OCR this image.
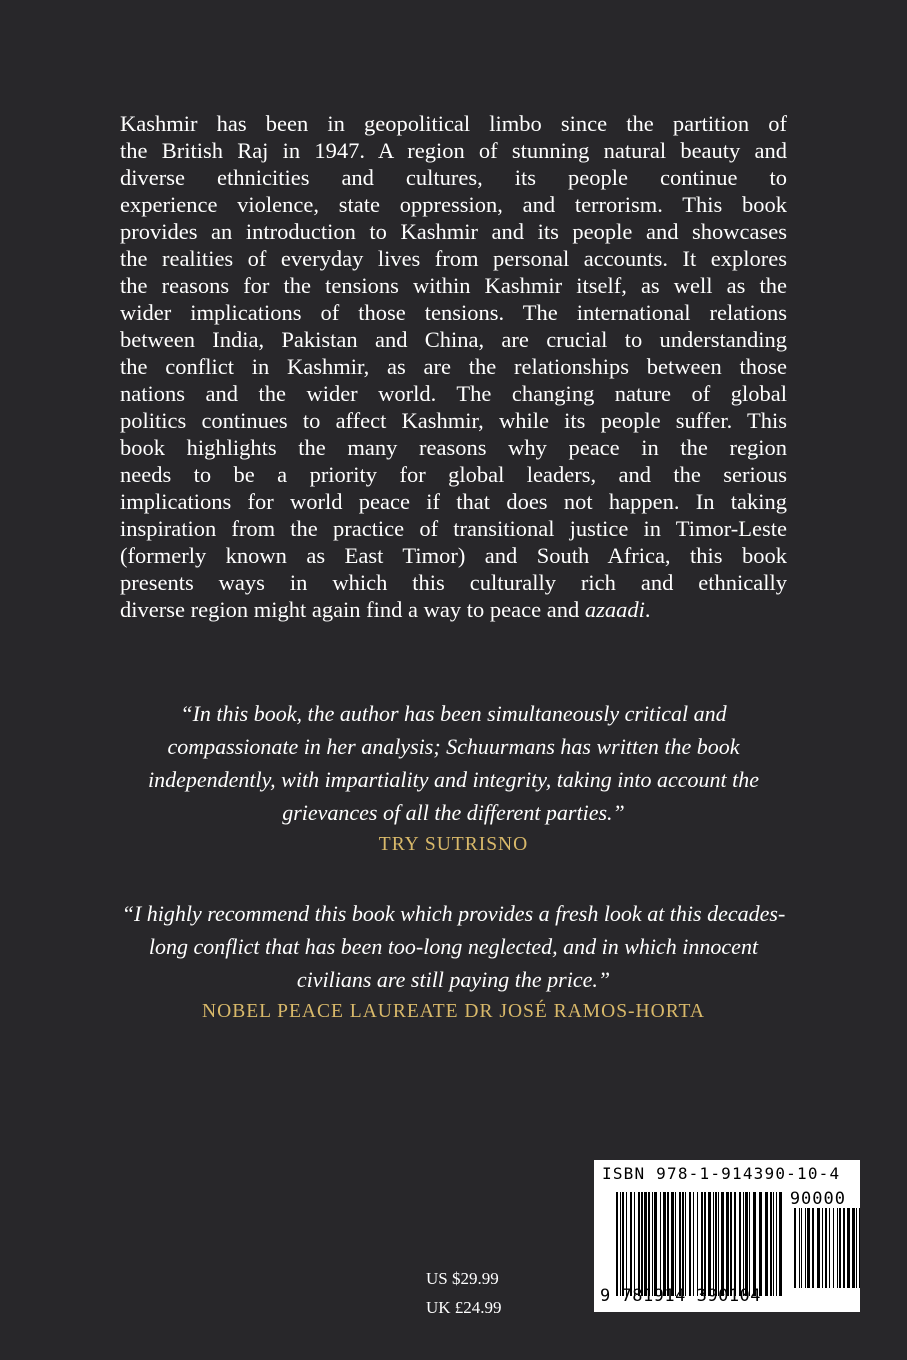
Kashmir has been in geopolitical limbo since the partition of
the British Raj in 1947. A region of stunning natural beauty and
diverse ethnicities and cultures, its people continue to
experience violence, state oppression, and terrorism. This book
provides an introduction to Kashmir and its people and showcases
the realities of everyday lives from personal accounts. It explores
the reasons for the tensions within Kashmir itself, as well as the
wider implications of those tensions. The international relations
between India, Pakistan and China, are crucial to understanding
the conflict in Kashmir, as are the relationships between those
nations and the wider world. The changing nature of global
politics continues to affect Kashmir, while its people suffer. This
book highlights the many reasons why peace in the region
needs to be a priority for global leaders, and the serious
implications for world peace if that does not happen. In taking
inspiration from the practice of transitional justice in Timor-Leste
(formerly known as East Timor) and South Africa, this book
presents ways in which this culturally rich and ethnically
diverse region might again find a way to peace and azaadi.
“In this book, the author has been simultaneously critical and
compassionate in her analysis; Schuurmans has written the book
independently, with impartiality and integrity, taking into account the
grievances of all the different parties.”
TRY SUTRISNO
“I highly recommend this book which provides a fresh look at this decades-
long conflict that has been too-long neglected, and in which innocent
civilians are still paying the price.”
NOBEL PEACE LAUREATE DR JOSÉ RAMOS-HORTA
ISBN 978-1-914390-10-4
90000
9 781914 390104
US $29.99
UK £24.99
